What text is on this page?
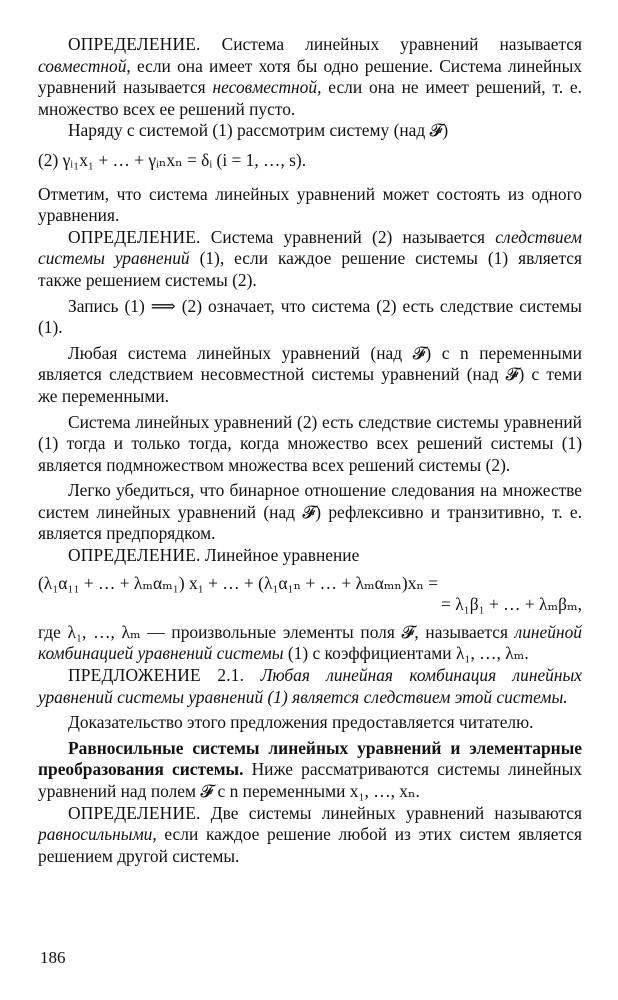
ОПРЕДЕЛЕНИЕ. Система линейных уравнений называется совместной, если она имеет хотя бы одно решение. Система линейных уравнений называется несовместной, если она не имеет решений, т. е. множество всех ее решений пусто.

Наряду с системой (1) рассмотрим систему (над 𝓕)

(2) γᵢ₁x₁ + … + γᵢₙxₙ = δᵢ (i = 1, …, s).

Отметим, что система линейных уравнений может состоять из одного уравнения.

ОПРЕДЕЛЕНИЕ. Система уравнений (2) называется следствием системы уравнений (1), если каждое решение системы (1) является также решением системы (2).

Запись (1) ⟹ (2) означает, что система (2) есть следствие системы (1).

Любая система линейных уравнений (над 𝓕) с n переменными является следствием несовместной системы уравнений (над 𝓕) с теми же переменными.

Система линейных уравнений (2) есть следствие системы уравнений (1) тогда и только тогда, когда множество всех решений системы (1) является подмножеством множества всех решений системы (2).

Легко убедиться, что бинарное отношение следования на множестве систем линейных уравнений (над 𝓕) рефлексивно и транзитивно, т. е. является предпорядком.

ОПРЕДЕЛЕНИЕ. Линейное уравнение

(λ₁α₁₁ + … + λₘαₘ₁) x₁ + … + (λ₁α₁ₙ + … + λₘαₘₙ)xₙ =
= λ₁β₁ + … + λₘβₘ,

где λ₁, …, λₘ — произвольные элементы поля 𝓕, называется линейной комбинацией уравнений системы (1) с коэффициентами λ₁, …, λₘ.

ПРЕДЛОЖЕНИЕ 2.1. Любая линейная комбинация линейных уравнений системы уравнений (1) является следствием этой системы.

Доказательство этого предложения предоставляется читателю.

Равносильные системы линейных уравнений и элементарные преобразования системы. Ниже рассматриваются системы линейных уравнений над полем 𝓕 с n переменными x₁, …, xₙ.

ОПРЕДЕЛЕНИЕ. Две системы линейных уравнений называются равносильными, если каждое решение любой из этих систем является решением другой системы.

186
